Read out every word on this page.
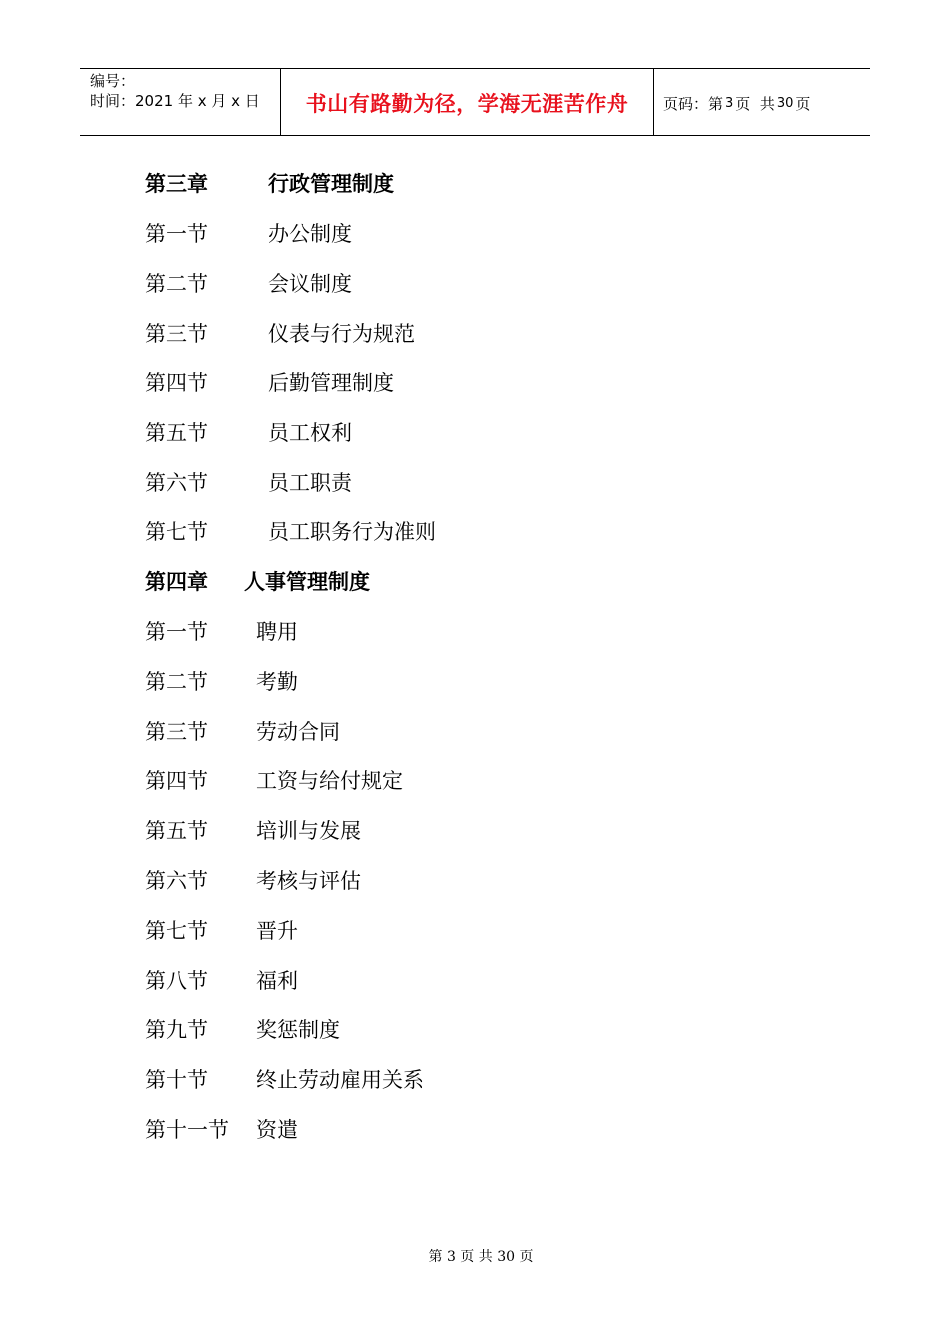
编号：
时间：2021 年 x 月 x 日	书山有路勤为径，学海无涯苦作舟 页码：第 3 页  共 30 页
第三章	行政管理制度
第一节	办公制度
第二节	会议制度
第三节	仪表与行为规范
第四节	后勤管理制度
第五节	员工权利
第六节	员工职责
第七节	员工职务行为准则
第四章 人事管理制度
第一节 聘用
第二节 考勤
第三节 劳动合同
第四节 工资与给付规定
第五节 培训与发展
第六节 考核与评估
第七节 晋升
第八节 福利
第九节 奖惩制度
第十节 终止劳动雇用关系
第十一节 资遣
第 3 页 共 30 页
